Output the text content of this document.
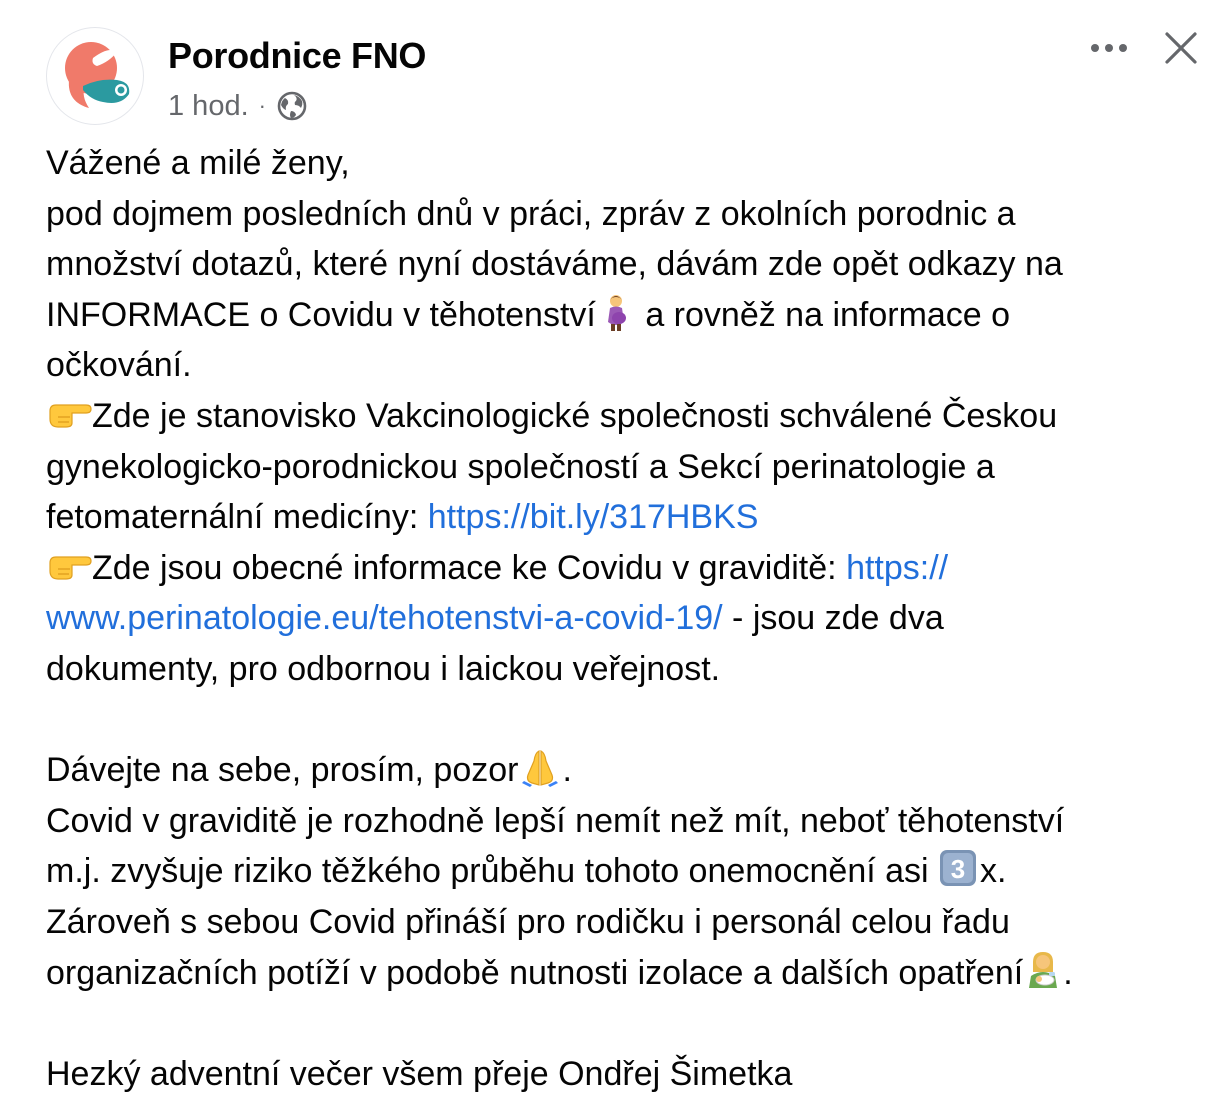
Porodnice FNO
1 hod. ·
Vážené a milé ženy,
pod dojmem posledních dnů v práci, zpráv z okolních porodnic a
množství dotazů, které nyní dostáváme, dávám zde opět odkazy na
INFORMACE o Covidu v těhotenství
a rovněž na informace o
očkování.
Zde je stanovisko Vakcinologické společnosti schválené Českou
gynekologicko-porodnickou společností a Sekcí perinatologie a
fetomaternální medicíny: https://bit.ly/317HBKS
Zde jsou obecné informace ke Covidu v graviditě: https://
www.perinatologie.eu/tehotenstvi-a-covid-19/ - jsou zde dva
dokumenty, pro odbornou i laickou veřejnost.
Dávejte na sebe, prosím, pozor .
Covid v graviditě je rozhodně lepší nemít než mít, neboť těhotenství
m.j. zvyšuje riziko těžkého průběhu tohoto onemocnění asi 3 x.
Zároveň s sebou Covid přináší pro rodičku i personál celou řadu
organizačních potíží v podobě nutnosti izolace a dalších opatření .
Hezký adventní večer všem přeje Ondřej Šimetka
